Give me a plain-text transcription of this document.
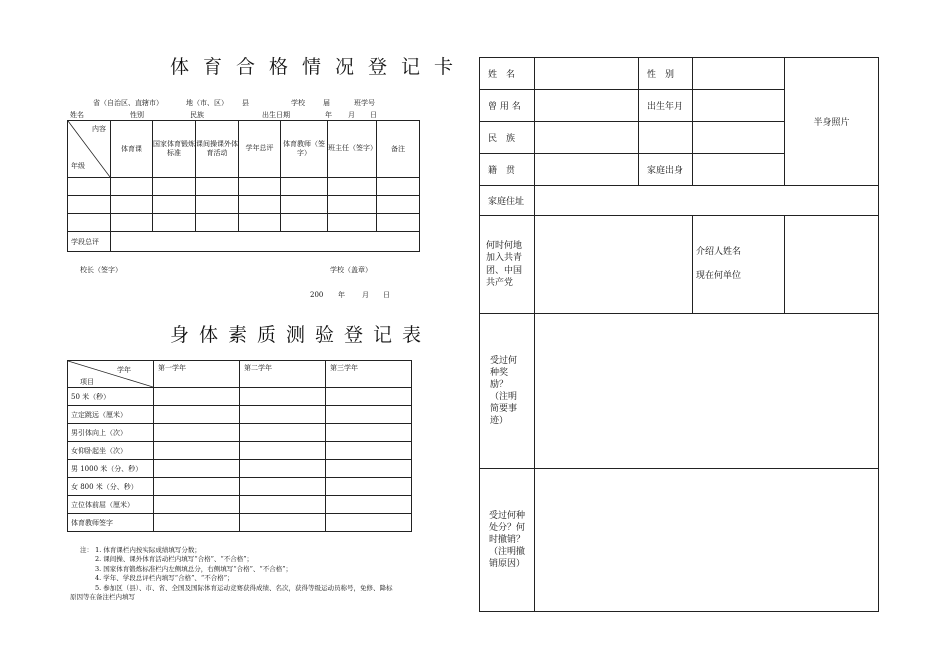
体育合格情况登记卡
省（自治区、直辖市）	地（市、区） 县	学校	届	班学号
姓名	性别	民族	出生日期	年 月 日
内容
年级	体育课	国家体育锻炼标准	课间操课外体育活动	学年总评	体育教师（签字）	班主任（签字）	备注

学段总评							
校长（签字）	学校（盖章）
200 年 月 日
身体素质测验登记表
学年
项目	第一学年	第二学年	第三学年
50 米（秒）			
立定跳远（厘米）			
男引体向上（次）			
女仰卧起坐（次）			
男 1000 米（分、秒）			
女 800 米（分、秒）			
立位体前屈（厘米）			
体育教师签字			
注： 1. 体育课栏内按实际成绩填写分数；
2. 课间操、课外体育活动栏内填写“合格”、“不合格”；
3. 国家体育锻炼标准栏内左侧填总分，右侧填写“合格”、“不合格”；
4. 学年、学段总评栏内填写“合格”、“不合格”；
5. 参加区（县）、市、省、全国及国际体育运动竞赛获得成绩、名次，获得等级运动员称号，免修、降标
原因等在备注栏内填写
姓　名		性　别		半身照片
曾 用 名		出生年月		
民　族				
籍　贯		家庭出身		
家庭住址				
何时何地加入共青团、中国共产党			介绍人姓名
现在何单位	

受过何种奖励？（注明简要事迹）				
受过何种处分？何时撤销？（注明撤销原因）				
